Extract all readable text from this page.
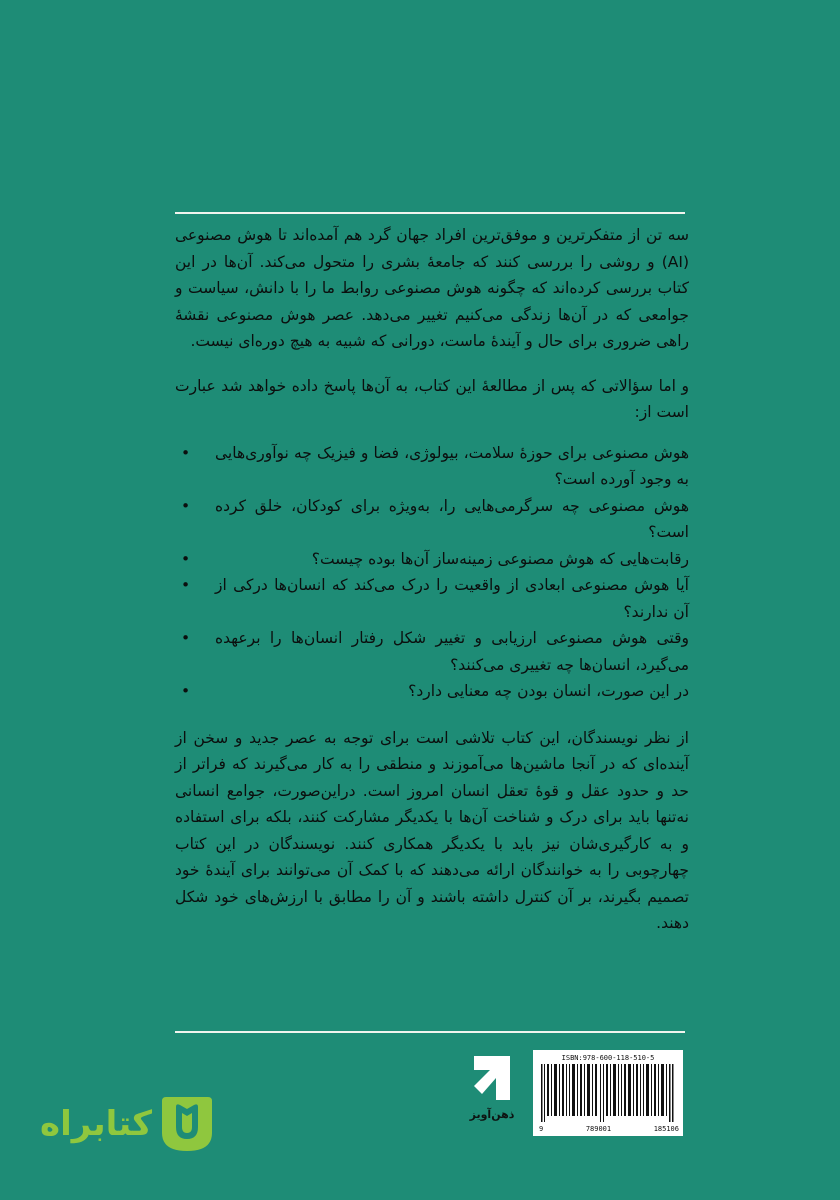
سه تن از متفکرترین و موفق‌ترین افراد جهان گرد هم آمده‌اند تا هوش مصنوعی (AI) و روشی را بررسی کنند که جامعهٔ بشری را متحول می‌کند. آن‌ها در این کتاب بررسی کرده‌اند که چگونه هوش مصنوعی روابط ما را با دانش، سیاست و جوامعی که در آن‌ها زندگی می‌کنیم تغییر می‌دهد. عصر هوش مصنوعی نقشهٔ راهی ضروری برای حال و آیندهٔ ماست، دورانی که شبیه به هیچ دوره‌ای نیست.

و اما سؤالاتی که پس از مطالعهٔ این کتاب، به آن‌ها پاسخ داده خواهد شد عبارت است از:

هوش مصنوعی برای حوزهٔ سلامت، بیولوژی، فضا و فیزیک چه نوآوری‌هایی به وجود آورده است؟ •
هوش مصنوعی چه سرگرمی‌هایی را، به‌ویژه برای کودکان، خلق کرده است؟ •
رقابت‌هایی که هوش مصنوعی زمینه‌ساز آن‌ها بوده چیست؟ •
آیا هوش مصنوعی ابعادی از واقعیت را درک می‌کند که انسان‌ها درکی از آن ندارند؟ •
وقتی هوش مصنوعی ارزیابی و تغییر شکل رفتار انسان‌ها را برعهده می‌گیرد، انسان‌ها چه تغییری می‌کنند؟ •
در این صورت، انسان بودن چه معنایی دارد؟ •

از نظر نویسندگان، این کتاب تلاشی است برای توجه به عصر جدید و سخن از آینده‌ای که در آنجا ماشین‌ها می‌آموزند و منطقی را به کار می‌گیرند که فراتر از حد و حدود عقل و قوهٔ تعقل انسان امروز است. دراین‌صورت، جوامع انسانی نه‌تنها باید برای درک و شناخت آن‌ها با یکدیگر مشارکت کنند، بلکه برای استفاده و به کارگیری‌شان نیز باید با یکدیگر همکاری کنند. نویسندگان در این کتاب چهارچوبی را به خوانندگان ارائه می‌دهند که با کمک آن می‌توانند برای آیندهٔ خود تصمیم بگیرند، بر آن کنترل داشته باشند و آن را مطابق با ارزش‌های خود شکل دهند.

ذهن‌آویز
ISBN:978-600-118-510-5
9	789001	185106
کتابراه
